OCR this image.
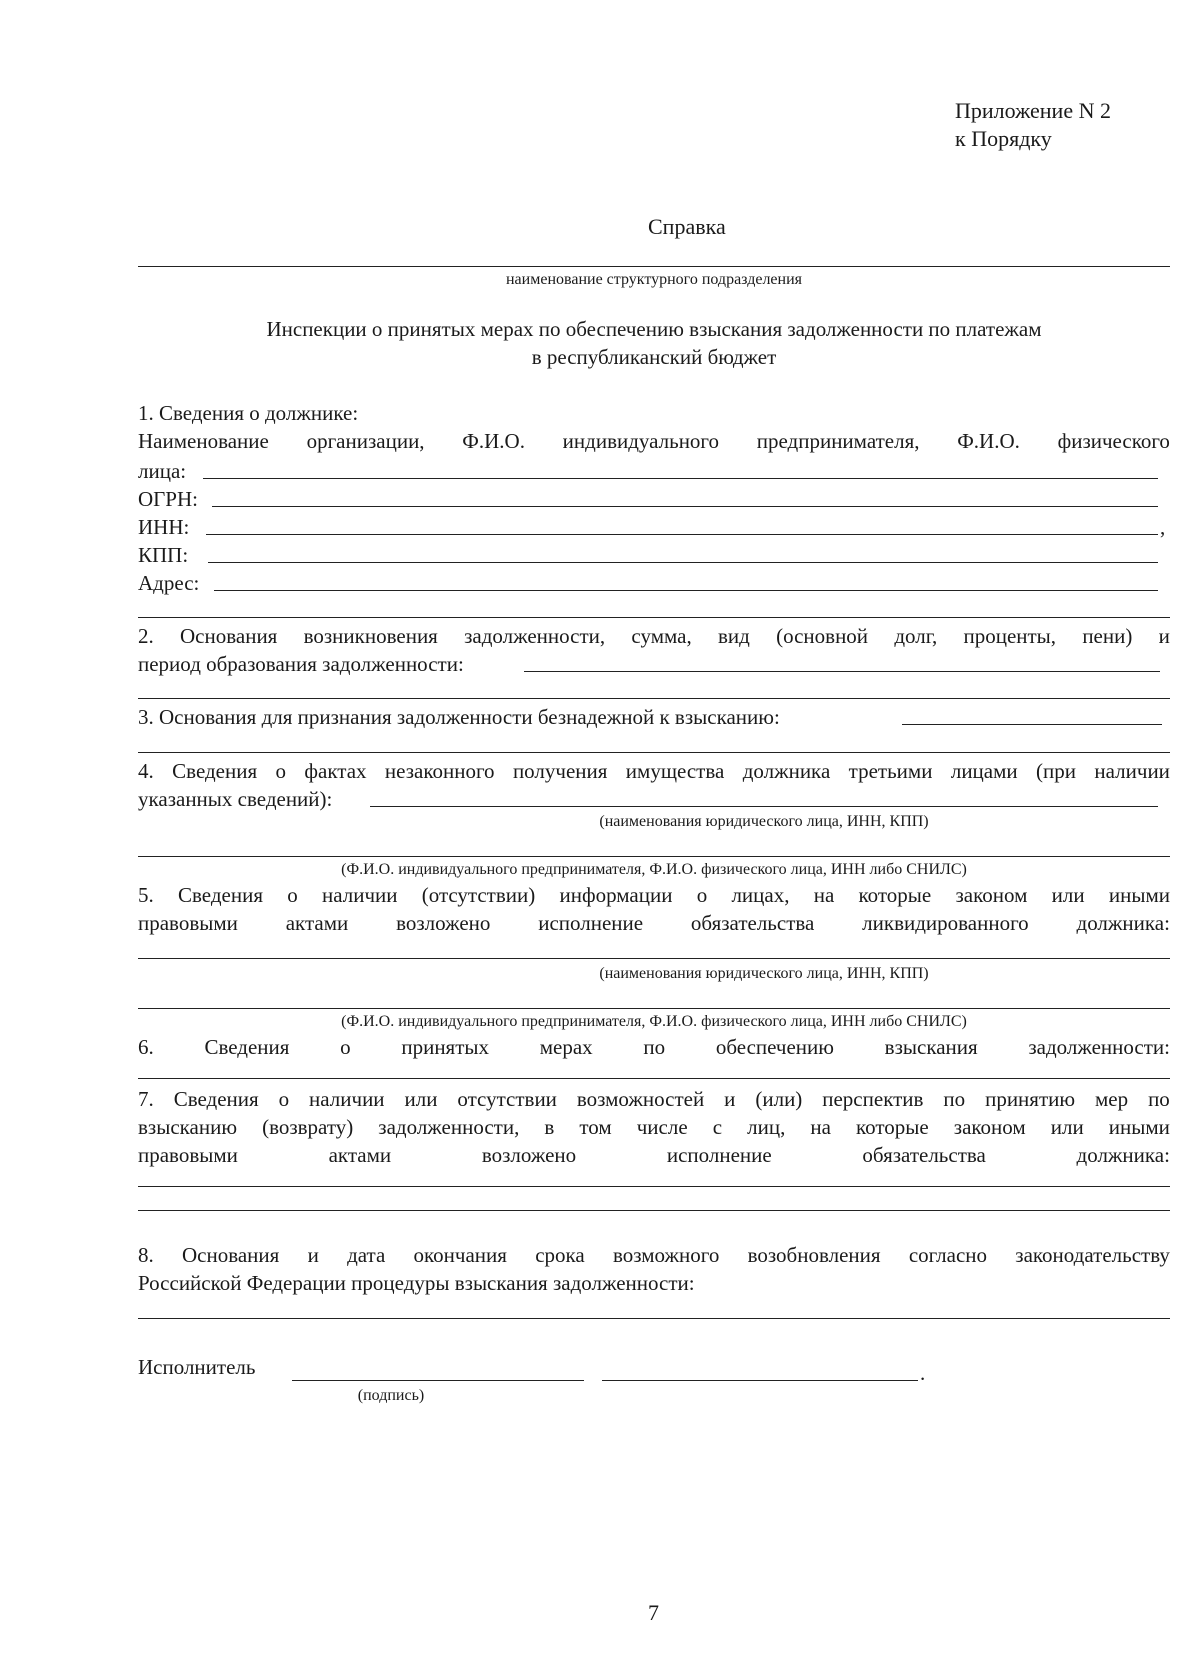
Приложение N 2
к Порядку
Справка
наименование структурного подразделения
Инспекции о принятых мерах по обеспечению взыскания задолженности по платежам
в республиканский бюджет
1. Сведения о должнике:
Наименование организации, Ф.И.О. индивидуального предпринимателя, Ф.И.О. физического
лица:
ОГРН:
ИНН:	,
КПП:
Адрес:
2. Основания возникновения задолженности, сумма, вид (основной долг, проценты, пени) и
период образования задолженности:
3. Основания для признания задолженности безнадежной к взысканию:
4. Сведения о фактах незаконного получения имущества должника третьими лицами (при наличии
указанных сведений):
(наименования юридического лица, ИНН, КПП)
(Ф.И.О. индивидуального предпринимателя, Ф.И.О. физического лица, ИНН либо СНИЛС)
5. Сведения о наличии (отсутствии) информации о лицах, на которые законом или иными
правовыми актами возложено исполнение обязательства ликвидированного должника:
(наименования юридического лица, ИНН, КПП)
(Ф.И.О. индивидуального предпринимателя, Ф.И.О. физического лица, ИНН либо СНИЛС)
6. Сведения о принятых мерах по обеспечению взыскания задолженности:
7. Сведения о наличии или отсутствии возможностей и (или) перспектив по принятию мер по
взысканию (возврату) задолженности, в том числе с лиц, на которые законом или иными
правовыми	актами	возложено	исполнение	обязательства	должника:
8. Основания и дата окончания срока возможного возобновления согласно законодательству
Российской Федерации процедуры взыскания задолженности:
Исполнитель
(подпись)
.
7
